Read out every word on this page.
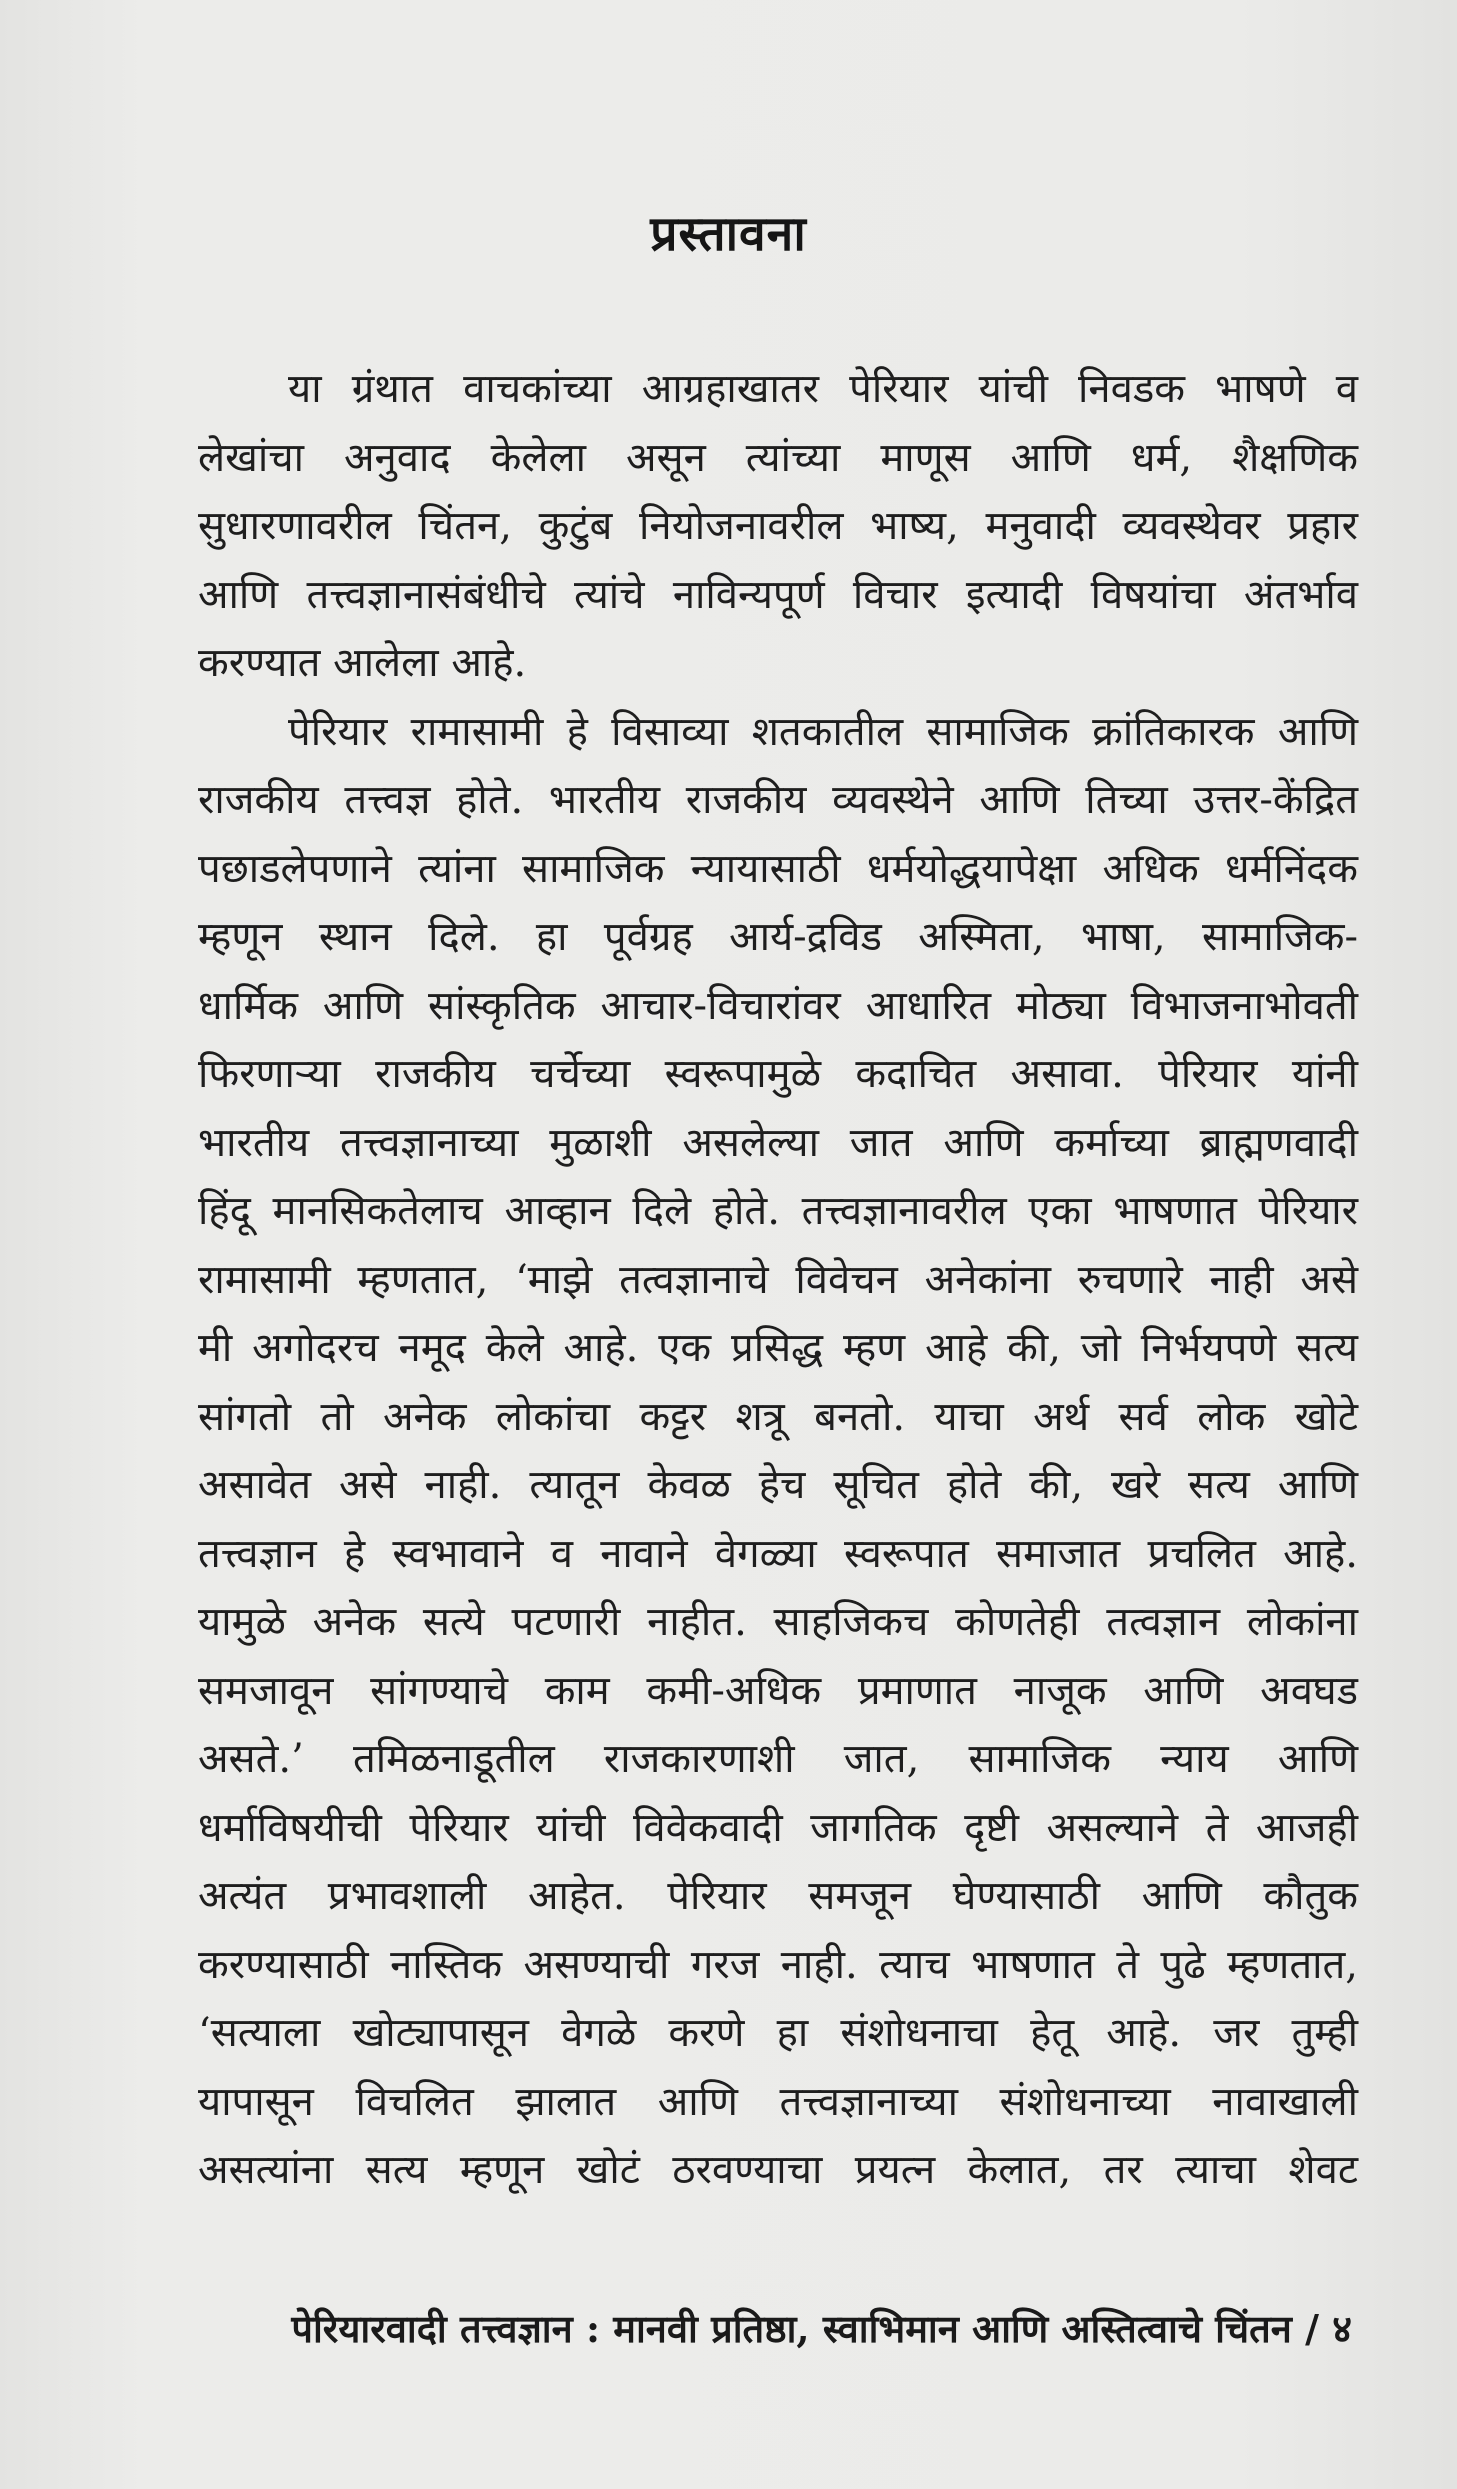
प्रस्तावना
या ग्रंथात वाचकांच्या आग्रहाखातर पेरियार यांची निवडक भाषणे व
लेखांचा अनुवाद केलेला असून त्यांच्या माणूस आणि धर्म, शैक्षणिक
सुधारणावरील चिंतन, कुटुंब नियोजनावरील भाष्य, मनुवादी व्यवस्थेवर प्रहार
आणि तत्त्वज्ञानासंबंधीचे त्यांचे नाविन्यपूर्ण विचार इत्यादी विषयांचा अंतर्भाव
करण्यात आलेला आहे.
पेरियार रामासामी हे विसाव्या शतकातील सामाजिक क्रांतिकारक आणि
राजकीय तत्त्वज्ञ होते. भारतीय राजकीय व्यवस्थेने आणि तिच्या उत्तर-केंद्रित
पछाडलेपणाने त्यांना सामाजिक न्यायासाठी धर्मयोद्धयापेक्षा अधिक धर्मनिंदक
म्हणून स्थान दिले. हा पूर्वग्रह आर्य-द्रविड अस्मिता, भाषा, सामाजिक-
धार्मिक आणि सांस्कृतिक आचार-विचारांवर आधारित मोठ्या विभाजनाभोवती
फिरणाऱ्या राजकीय चर्चेच्या स्वरूपामुळे कदाचित असावा. पेरियार यांनी
भारतीय तत्त्वज्ञानाच्या मुळाशी असलेल्या जात आणि कर्माच्या ब्राह्मणवादी
हिंदू मानसिकतेलाच आव्हान दिले होते. तत्त्वज्ञानावरील एका भाषणात पेरियार
रामासामी म्हणतात, ‘माझे तत्वज्ञानाचे विवेचन अनेकांना रुचणारे नाही असे
मी अगोदरच नमूद केले आहे. एक प्रसिद्ध म्हण आहे की, जो निर्भयपणे सत्य
सांगतो तो अनेक लोकांचा कट्टर शत्रू बनतो. याचा अर्थ सर्व लोक खोटे
असावेत असे नाही. त्यातून केवळ हेच सूचित होते की, खरे सत्य आणि
तत्त्वज्ञान हे स्वभावाने व नावाने वेगळ्या स्वरूपात समाजात प्रचलित आहे.
यामुळे अनेक सत्ये पटणारी नाहीत. साहजिकच कोणतेही तत्वज्ञान लोकांना
समजावून सांगण्याचे काम कमी-अधिक प्रमाणात नाजूक आणि अवघड
असते.’ तमिळनाडूतील राजकारणाशी जात, सामाजिक न्याय आणि
धर्माविषयीची पेरियार यांची विवेकवादी जागतिक दृष्टी असल्याने ते आजही
अत्यंत प्रभावशाली आहेत. पेरियार समजून घेण्यासाठी आणि कौतुक
करण्यासाठी नास्तिक असण्याची गरज नाही. त्याच भाषणात ते पुढे म्हणतात,
‘सत्याला खोट्यापासून वेगळे करणे हा संशोधनाचा हेतू आहे. जर तुम्ही
यापासून विचलित झालात आणि तत्त्वज्ञानाच्या संशोधनाच्या नावाखाली
असत्यांना सत्य म्हणून खोटं ठरवण्याचा प्रयत्न केलात, तर त्याचा शेवट
पेरियारवादी तत्त्वज्ञान : मानवी प्रतिष्ठा, स्वाभिमान आणि अस्तित्वाचे चिंतन / ४
